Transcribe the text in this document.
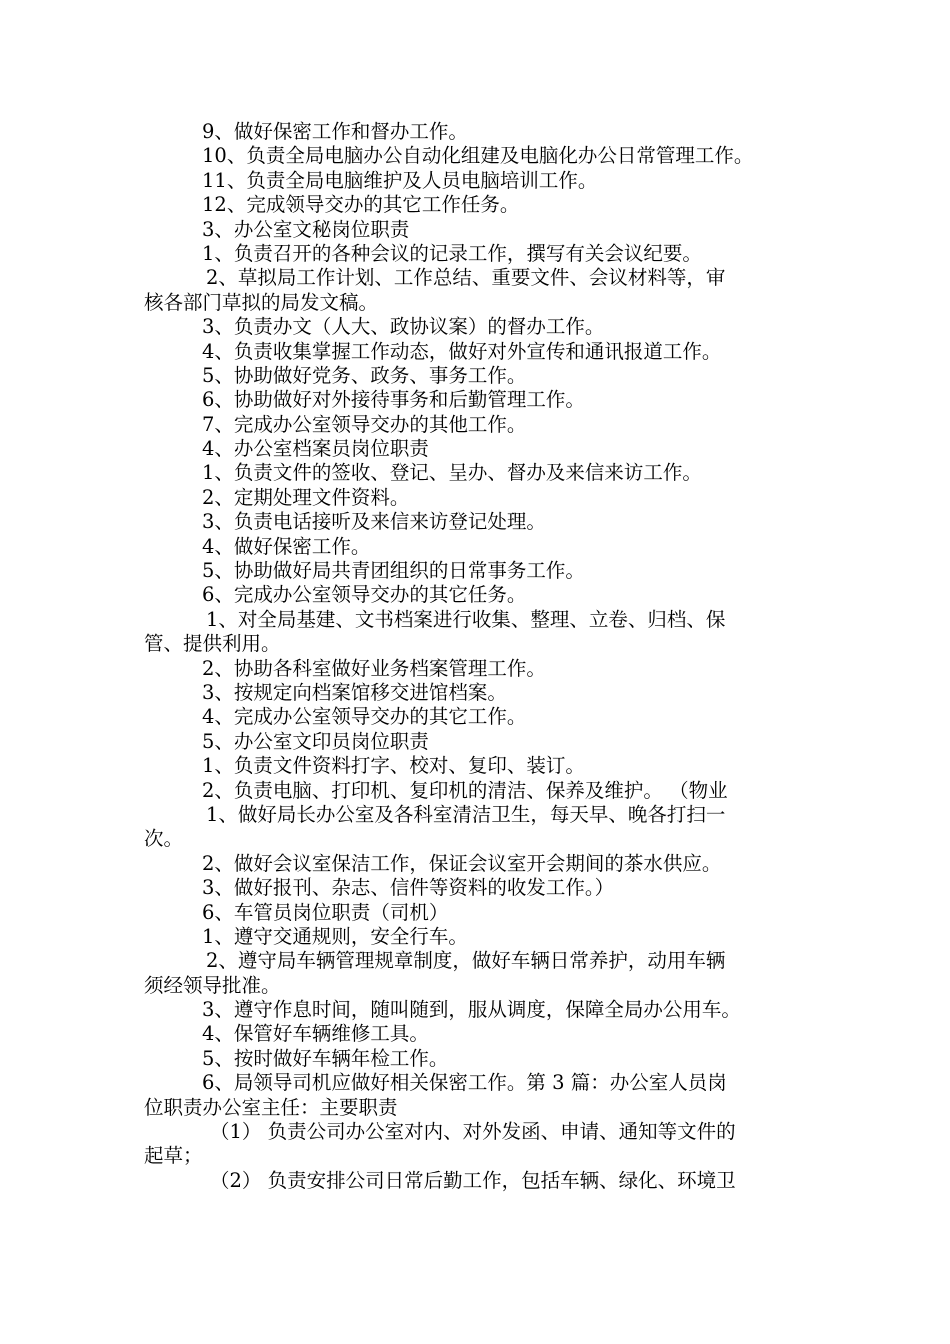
9、做好保密工作和督办工作。

10、负责全局电脑办公自动化组建及电脑化办公日常管理工作。

11、负责全局电脑维护及人员电脑培训工作。

12、完成领导交办的其它工作任务。

3、办公室文秘岗位职责

1、负责召开的各种会议的记录工作，撰写有关会议纪要。

2、草拟局工作计划、工作总结、重要文件、会议材料等，审

核各部门草拟的局发文稿。

3、负责办文（人大、政协议案）的督办工作。

4、负责收集掌握工作动态，做好对外宣传和通讯报道工作。

5、协助做好党务、政务、事务工作。

6、协助做好对外接待事务和后勤管理工作。

7、完成办公室领导交办的其他工作。

4、办公室档案员岗位职责

1、负责文件的签收、登记、呈办、督办及来信来访工作。

2、定期处理文件资料。

3、负责电话接听及来信来访登记处理。

4、做好保密工作。

5、协助做好局共青团组织的日常事务工作。

6、完成办公室领导交办的其它任务。

1、对全局基建、文书档案进行收集、整理、立卷、归档、保

管、提供利用。

2、协助各科室做好业务档案管理工作。

3、按规定向档案馆移交进馆档案。

4、完成办公室领导交办的其它工作。

5、办公室文印员岗位职责

1、负责文件资料打字、校对、复印、装订。

2、负责电脑、打印机、复印机的清洁、保养及维护。 （物业

1、做好局长办公室及各科室清洁卫生，每天早、晚各打扫一

次。

2、做好会议室保洁工作，保证会议室开会期间的茶水供应。

3、做好报刊、杂志、信件等资料的收发工作。）

6、车管员岗位职责（司机）

1、遵守交通规则，安全行车。

2、遵守局车辆管理规章制度，做好车辆日常养护，动用车辆

须经领导批准。

3、遵守作息时间，随叫随到，服从调度，保障全局办公用车。

4、保管好车辆维修工具。

5、按时做好车辆年检工作。

6、局领导司机应做好相关保密工作。第 3 篇：办公室人员岗

位职责办公室主任：主要职责

（1） 负责公司办公室对内、对外发函、申请、通知等文件的

起草；

（2） 负责安排公司日常后勤工作，包括车辆、绿化、环境卫
